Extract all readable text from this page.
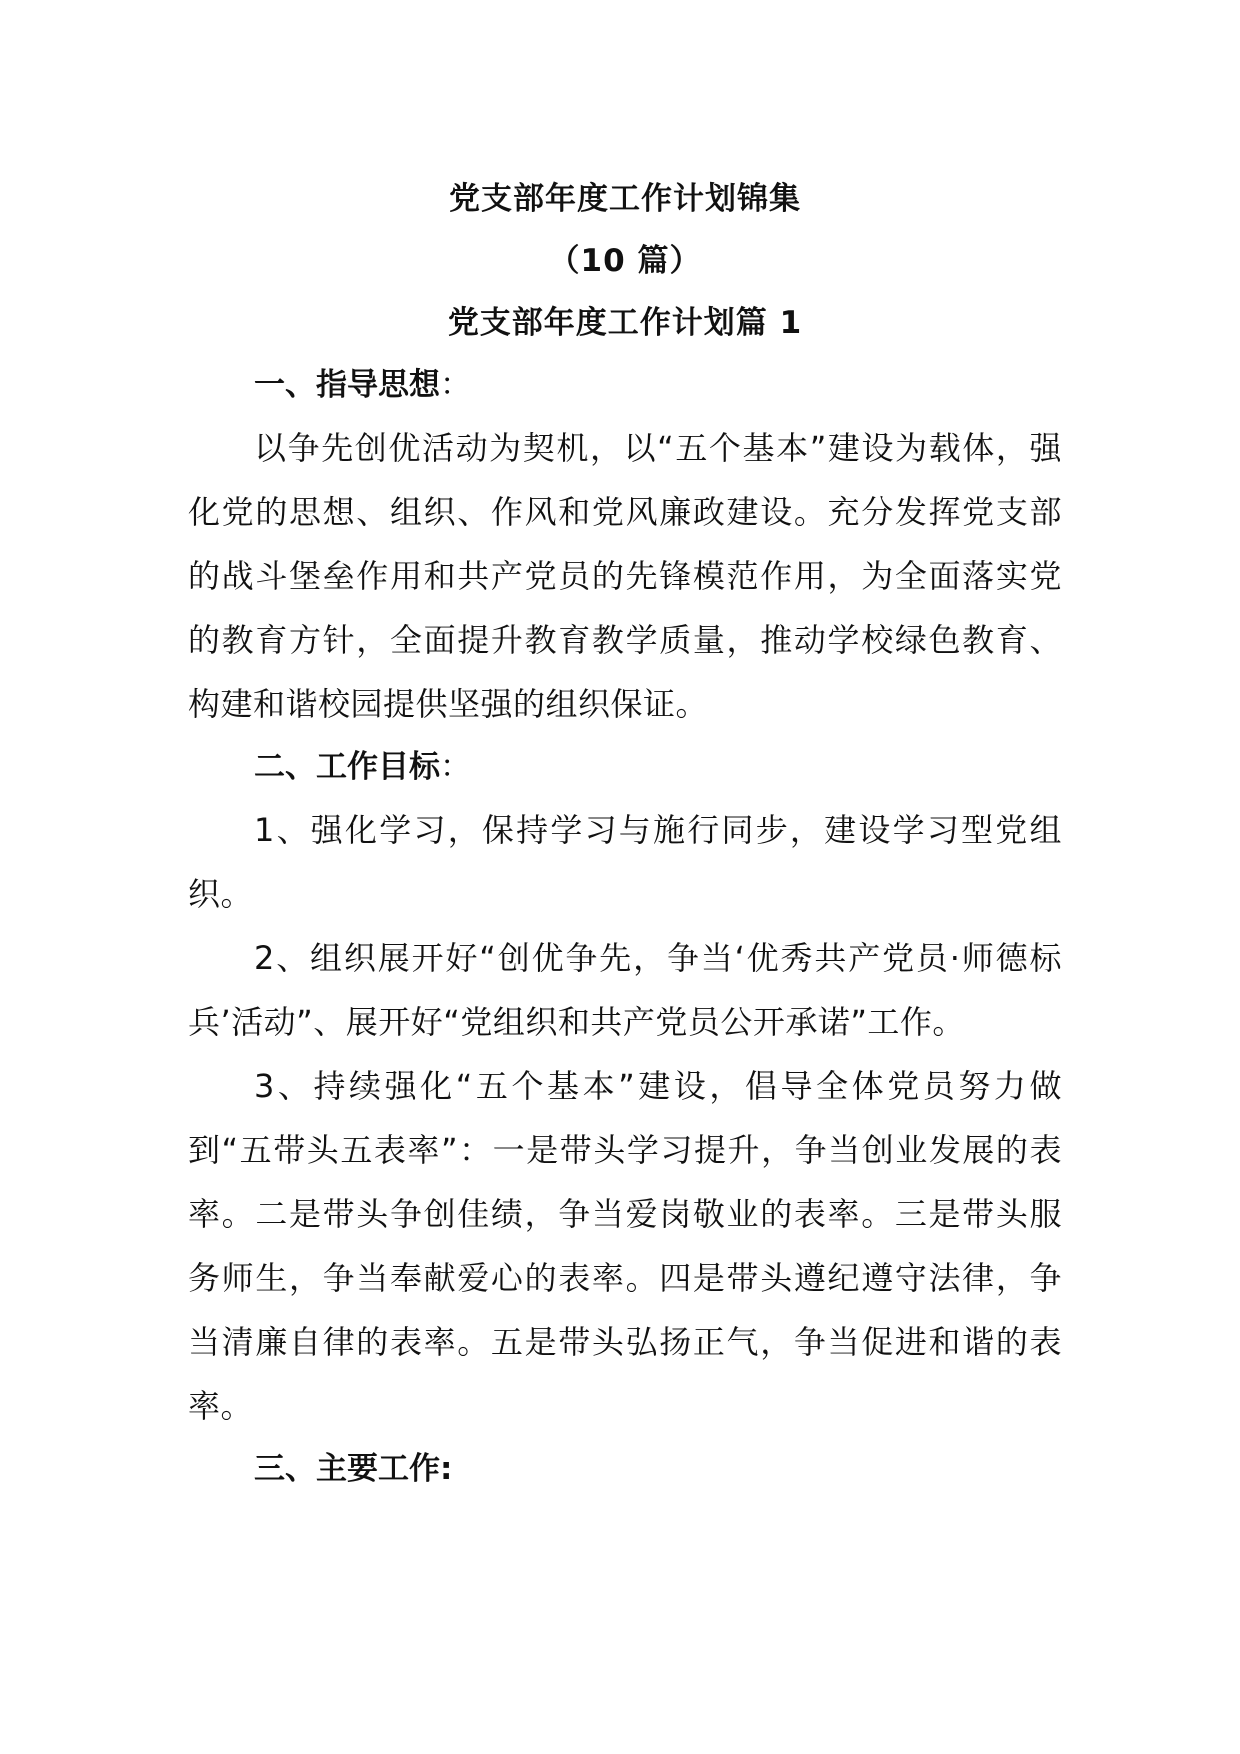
党支部年度工作计划锦集

（10 篇）

党支部年度工作计划篇 1

一、指导思想：

以争先创优活动为契机，以“五个基本”建设为载体，强化党的思想、组织、作风和党风廉政建设。充分发挥党支部的战斗堡垒作用和共产党员的先锋模范作用，为全面落实党的教育方针，全面提升教育教学质量，推动学校绿色教育、构建和谐校园提供坚强的组织保证。

二、工作目标：

1、强化学习，保持学习与施行同步，建设学习型党组织。

2、组织展开好“创优争先，争当‘优秀共产党员·师德标兵’活动”、展开好“党组织和共产党员公开承诺”工作。

3、持续强化“五个基本”建设，倡导全体党员努力做到“五带头五表率”：一是带头学习提升，争当创业发展的表率。二是带头争创佳绩，争当爱岗敬业的表率。三是带头服务师生，争当奉献爱心的表率。四是带头遵纪遵守法律，争当清廉自律的表率。五是带头弘扬正气，争当促进和谐的表率。

三、主要工作:
